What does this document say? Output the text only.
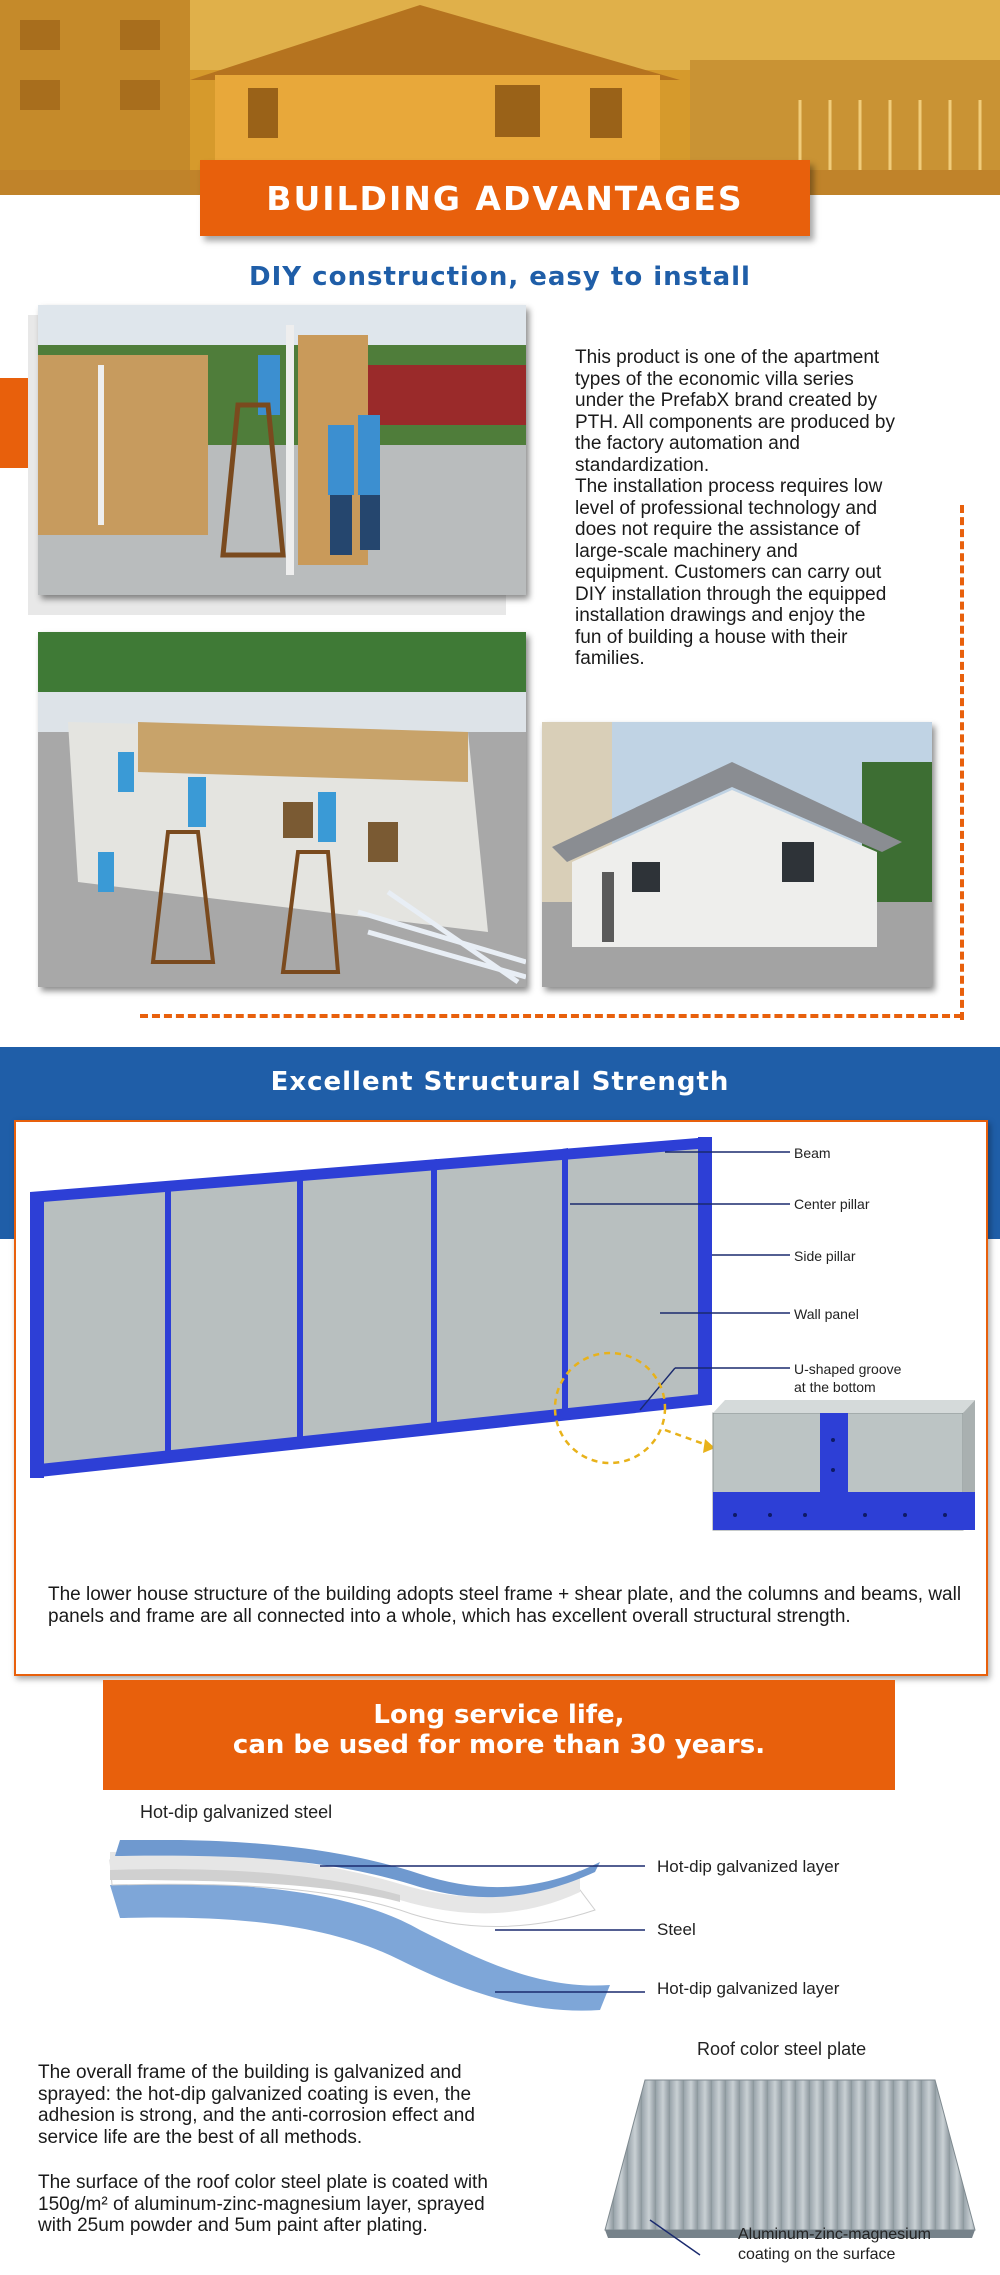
BUILDING ADVANTAGES
DIY construction, easy to install
This product is one of the apartment
types of the economic villa series
under the PrefabX brand created by
PTH. All components are produced by
the factory automation and
standardization.
The installation process requires low
level of professional technology and
does not require the assistance of
large-scale machinery and
equipment. Customers can carry out
DIY installation through the equipped
installation drawings and enjoy the
fun of building a house with their
families.
Excellent Structural Strength
Beam
Center pillar
Side pillar
Wall panel
U-shaped groove
at the bottom
The lower house structure of the building adopts steel frame + shear plate, and the columns and beams, wall panels and frame are all connected into a whole, which has excellent overall structural strength.
Long service life,
can be used for more than 30 years.
Hot-dip galvanized steel
Hot-dip galvanized layer
Steel
Hot-dip galvanized layer
The overall frame of the building is galvanized and
sprayed: the hot-dip galvanized coating is even, the
adhesion is strong, and the anti-corrosion effect and
service life are the best of all methods.
The surface of the roof color steel plate is coated with
150g/m² of aluminum-zinc-magnesium layer, sprayed
with 25um powder and 5um paint after plating.
Roof color steel plate
Aluminum-zinc-magnesium
coating on the surface
